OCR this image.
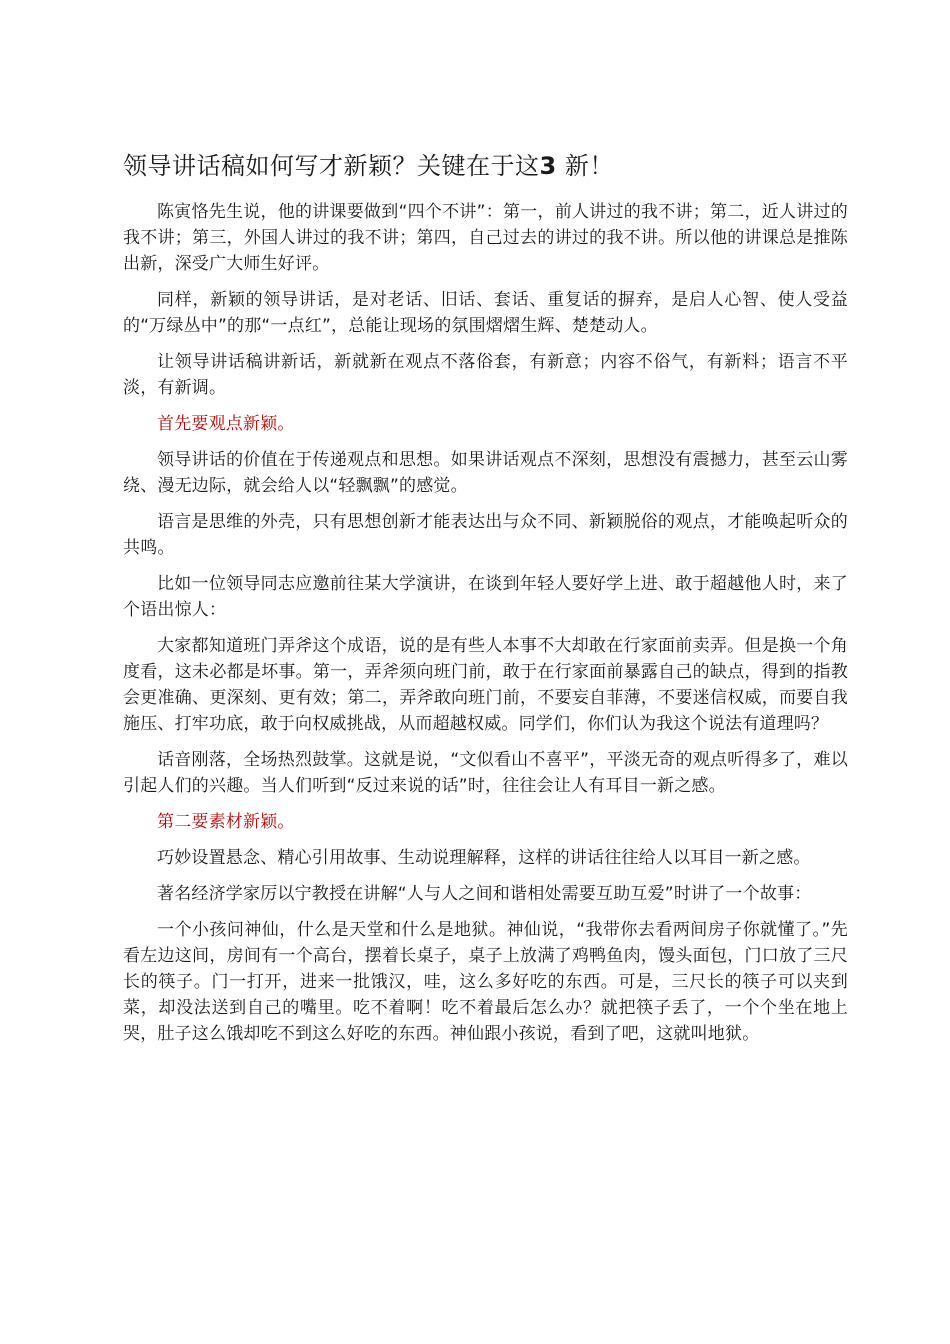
领导讲话稿如何写才新颖？关键在于这3 新！

陈寅恪先生说，他的讲课要做到“四个不讲”：第一，前人讲过的我不讲；第二，近人讲过的我不讲；第三，外国人讲过的我不讲；第四，自己过去的讲过的我不讲。所以他的讲课总是推陈出新，深受广大师生好评。

同样，新颖的领导讲话，是对老话、旧话、套话、重复话的摒弃，是启人心智、使人受益的“万绿丛中”的那“一点红”，总能让现场的氛围熠熠生辉、楚楚动人。

让领导讲话稿讲新话，新就新在观点不落俗套，有新意；内容不俗气，有新料；语言不平淡，有新调。

首先要观点新颖。

领导讲话的价值在于传递观点和思想。如果讲话观点不深刻，思想没有震撼力，甚至云山雾绕、漫无边际，就会给人以“轻飘飘”的感觉。

语言是思维的外壳，只有思想创新才能表达出与众不同、新颖脱俗的观点，才能唤起听众的共鸣。

比如一位领导同志应邀前往某大学演讲，在谈到年轻人要好学上进、敢于超越他人时，来了个语出惊人：

大家都知道班门弄斧这个成语，说的是有些人本事不大却敢在行家面前卖弄。但是换一个角度看，这未必都是坏事。第一，弄斧须向班门前，敢于在行家面前暴露自己的缺点，得到的指教会更准确、更深刻、更有效；第二，弄斧敢向班门前，不要妄自菲薄，不要迷信权威，而要自我施压、打牢功底，敢于向权威挑战，从而超越权威。同学们，你们认为我这个说法有道理吗？

话音刚落，全场热烈鼓掌。这就是说，“文似看山不喜平”，平淡无奇的观点听得多了，难以引起人们的兴趣。当人们听到“反过来说的话”时，往往会让人有耳目一新之感。

第二要素材新颖。

巧妙设置悬念、精心引用故事、生动说理解释，这样的讲话往往给人以耳目一新之感。

著名经济学家厉以宁教授在讲解“人与人之间和谐相处需要互助互爱”时讲了一个故事：

一个小孩问神仙，什么是天堂和什么是地狱。神仙说，“我带你去看两间房子你就懂了。”先看左边这间，房间有一个高台，摆着长桌子，桌子上放满了鸡鸭鱼肉，馒头面包，门口放了三尺长的筷子。门一打开，进来一批饿汉，哇，这么多好吃的东西。可是，三尺长的筷子可以夹到菜，却没法送到自己的嘴里。吃不着啊！吃不着最后怎么办？就把筷子丢了，一个个坐在地上哭，肚子这么饿却吃不到这么好吃的东西。神仙跟小孩说，看到了吧，这就叫地狱。
